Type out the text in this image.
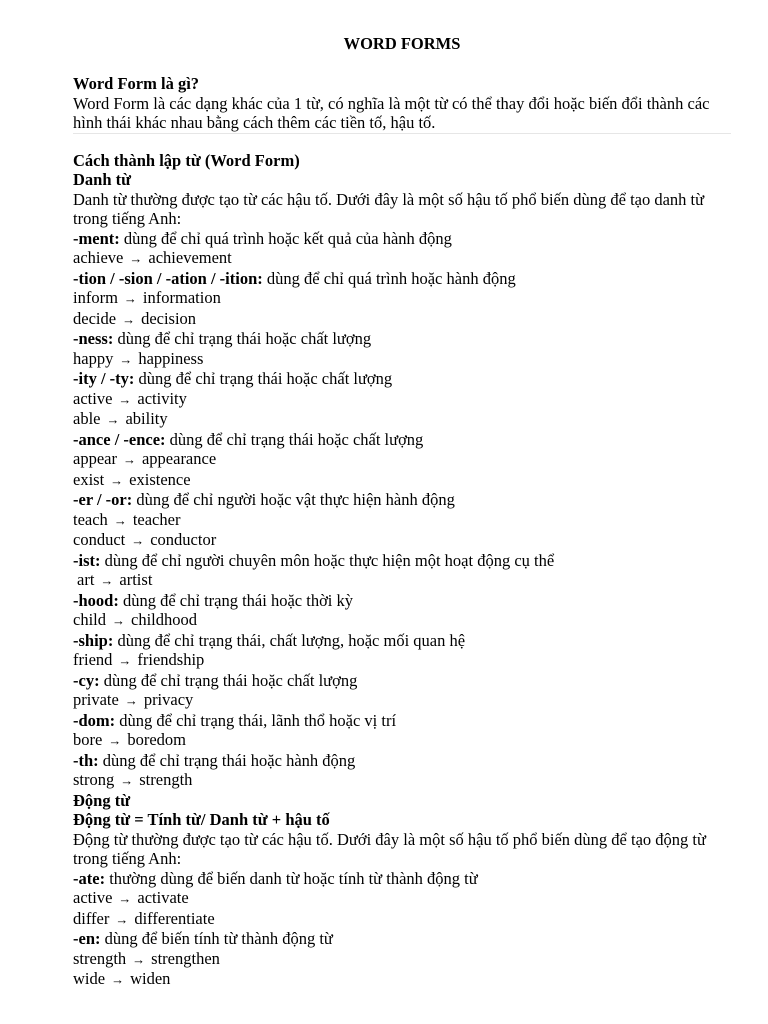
WORD FORMS

Word Form là gì?

Word Form là các dạng khác của 1 từ, có nghĩa là một từ có thể thay đổi hoặc biến đổi thành các hình thái khác nhau bằng cách thêm các tiền tố, hậu tố.

Cách thành lập từ (Word Form)

Danh từ

Danh từ thường được tạo từ các hậu tố. Dưới đây là một số hậu tố phổ biến dùng để tạo danh từ trong tiếng Anh:

-ment: dùng để chỉ quá trình hoặc kết quả của hành động

achieve → achievement

-tion / -sion / -ation / -ition: dùng để chỉ quá trình hoặc hành động

inform → information

decide → decision

-ness: dùng để chỉ trạng thái hoặc chất lượng

happy → happiness

-ity / -ty: dùng để chỉ trạng thái hoặc chất lượng

active → activity

able → ability

-ance / -ence: dùng để chỉ trạng thái hoặc chất lượng

appear → appearance

exist → existence

-er / -or: dùng để chỉ người hoặc vật thực hiện hành động

teach → teacher

conduct → conductor

-ist: dùng để chỉ người chuyên môn hoặc thực hiện một hoạt động cụ thể

art → artist

-hood: dùng để chỉ trạng thái hoặc thời kỳ

child → childhood

-ship: dùng để chỉ trạng thái, chất lượng, hoặc mối quan hệ

friend → friendship

-cy: dùng để chỉ trạng thái hoặc chất lượng

private → privacy

-dom: dùng để chỉ trạng thái, lãnh thổ hoặc vị trí

bore → boredom

-th: dùng để chỉ trạng thái hoặc hành động

strong → strength

Động từ

Động từ = Tính từ/ Danh từ + hậu tố

Động từ thường được tạo từ các hậu tố. Dưới đây là một số hậu tố phổ biến dùng để tạo động từ trong tiếng Anh:

-ate: thường dùng để biến danh từ hoặc tính từ thành động từ

active → activate

differ → differentiate

-en: dùng để biến tính từ thành động từ

strength → strengthen

wide → widen
